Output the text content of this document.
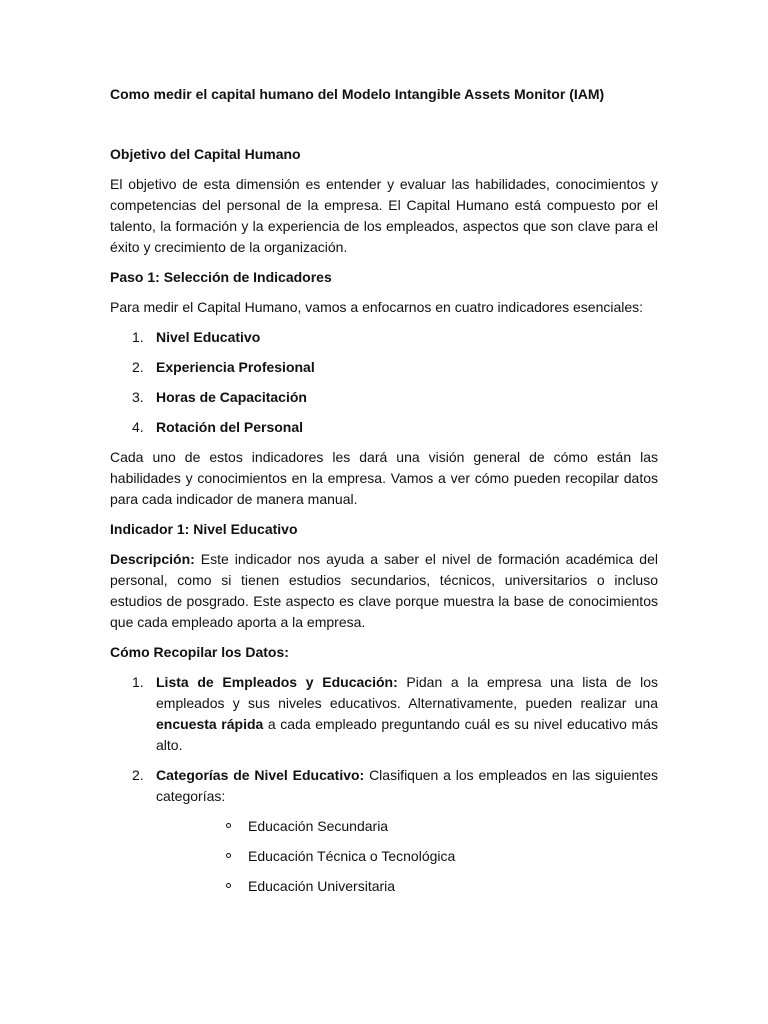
Como medir el capital humano del Modelo Intangible Assets Monitor (IAM)
Objetivo del Capital Humano
El objetivo de esta dimensión es entender y evaluar las habilidades, conocimientos y competencias del personal de la empresa. El Capital Humano está compuesto por el talento, la formación y la experiencia de los empleados, aspectos que son clave para el éxito y crecimiento de la organización.
Paso 1: Selección de Indicadores
Para medir el Capital Humano, vamos a enfocarnos en cuatro indicadores esenciales:
1. Nivel Educativo
2. Experiencia Profesional
3. Horas de Capacitación
4. Rotación del Personal
Cada uno de estos indicadores les dará una visión general de cómo están las habilidades y conocimientos en la empresa. Vamos a ver cómo pueden recopilar datos para cada indicador de manera manual.
Indicador 1: Nivel Educativo
Descripción: Este indicador nos ayuda a saber el nivel de formación académica del personal, como si tienen estudios secundarios, técnicos, universitarios o incluso estudios de posgrado. Este aspecto es clave porque muestra la base de conocimientos que cada empleado aporta a la empresa.
Cómo Recopilar los Datos:
1. Lista de Empleados y Educación: Pidan a la empresa una lista de los empleados y sus niveles educativos. Alternativamente, pueden realizar una encuesta rápida a cada empleado preguntando cuál es su nivel educativo más alto.
2. Categorías de Nivel Educativo: Clasifiquen a los empleados en las siguientes categorías:
Educación Secundaria
Educación Técnica o Tecnológica
Educación Universitaria
